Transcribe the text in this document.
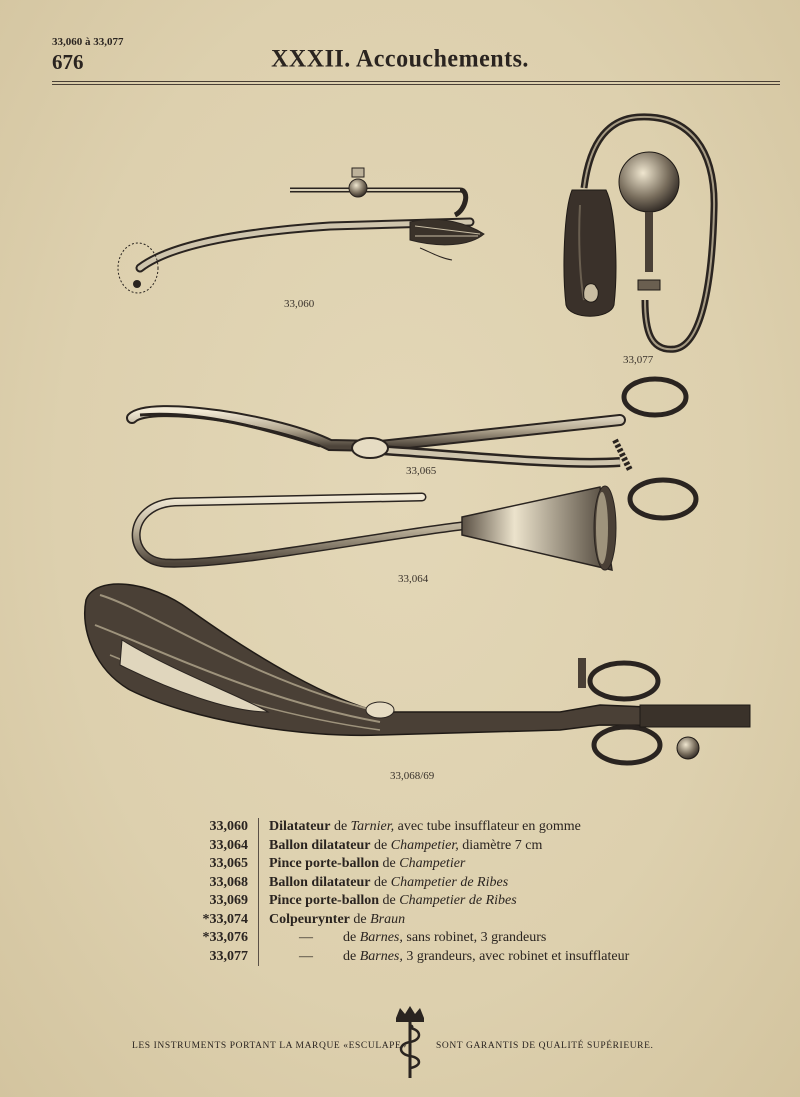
33,060 à 33,077
676	XXXII. Accouchements.
33,060
33,077
33,065
33,064
33,068/69
33,060	Dilatateur de Tarnier, avec tube insufflateur en gomme
33,064	Ballon dilatateur de Champetier, diamètre 7 cm
33,065	Pince porte-ballon de Champetier
33,068	Ballon dilatateur de Champetier de Ribes
33,069	Pince porte-ballon de Champetier de Ribes
*33,074	Colpeurynter de Braun
*33,076	— de Barnes, sans robinet, 3 grandeurs
33,077	— de Barnes, 3 grandeurs, avec robinet et insufflateur
LES INSTRUMENTS PORTANT LA MARQUE «ESCULAPE»	SONT GARANTIS DE QUALITÉ SUPÉRIEURE.
